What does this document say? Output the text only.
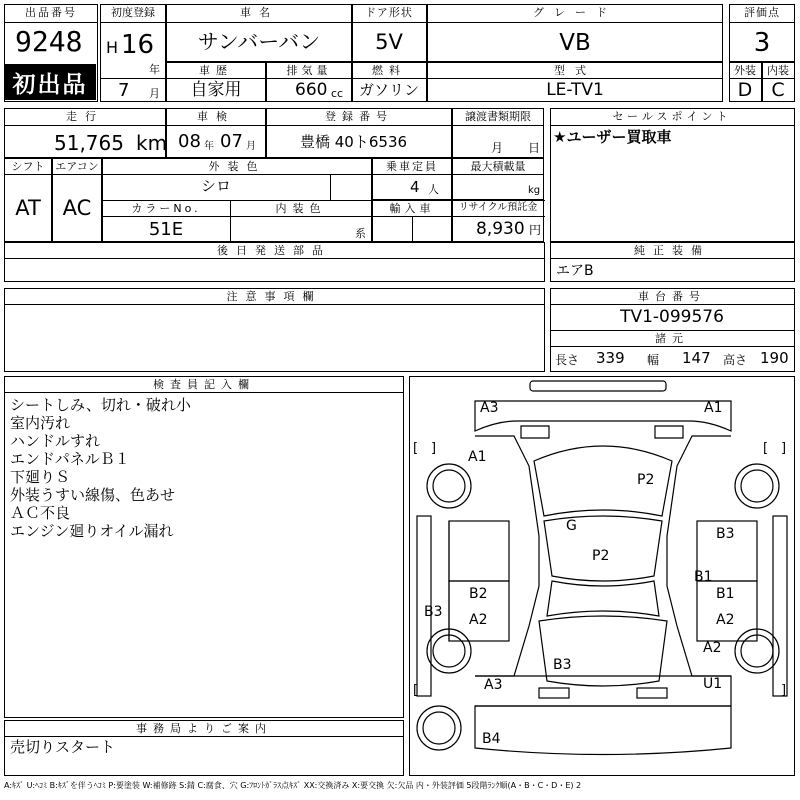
出品番号
9248
初出品
初度登録
H 16
年
7 月
車名
サンバーバン
ドア形状
5V
グレード
VB
評価点
3
車歴
自家用
排気量
660 cc
燃料
ガソリン
型式
LE-TV1
外装 内装
D C
走行
51,765 km
車検
08 年 07 月
登録番号
豊橋 40ト6536
譲渡書類期限
月 日
セールスポイント
★ユーザー買取車
シフト エアコン
AT AC
外装色
シロ
カラーNo.
51E
内装色
系
乗車定員
4 人
最大積載量
kg
輸入車 リサイクル預託金
8,930 円
後日発送部品	純正装備
エアB
注意事項欄	車台番号
TV1-099576
諸元
長さ 339 幅 147 高さ 190
検査員記入欄
シートしみ、切れ・破れ小
室内汚れ
ハンドルすれ
エンドパネルＢ１
下廻りＳ
外装うすい線傷、色あせ
ＡＣ不良
エンジン廻りオイル漏れ
事務局よりご案内
売切りスタート
[ ]	[ ]
[	]
A3	A1
A1
P2
G
P2
B3
B1
B1
A2
B2
A2
B3
A2
A3
B3
U1
B4
A:ｷｽﾞ U:ﾍｺﾐ B:ｷｽﾞを伴うﾍｺﾐ P:要塗装 W:補修跡 S:錆 C:腐食、穴 G:ﾌﾛﾝﾄｶﾞﾗｽ点ｷｽﾞ XX:交換済み X:要交換 欠:欠品 内・外装評価 5段階ﾗﾝｸ順(A・B・C・D・E) 2
